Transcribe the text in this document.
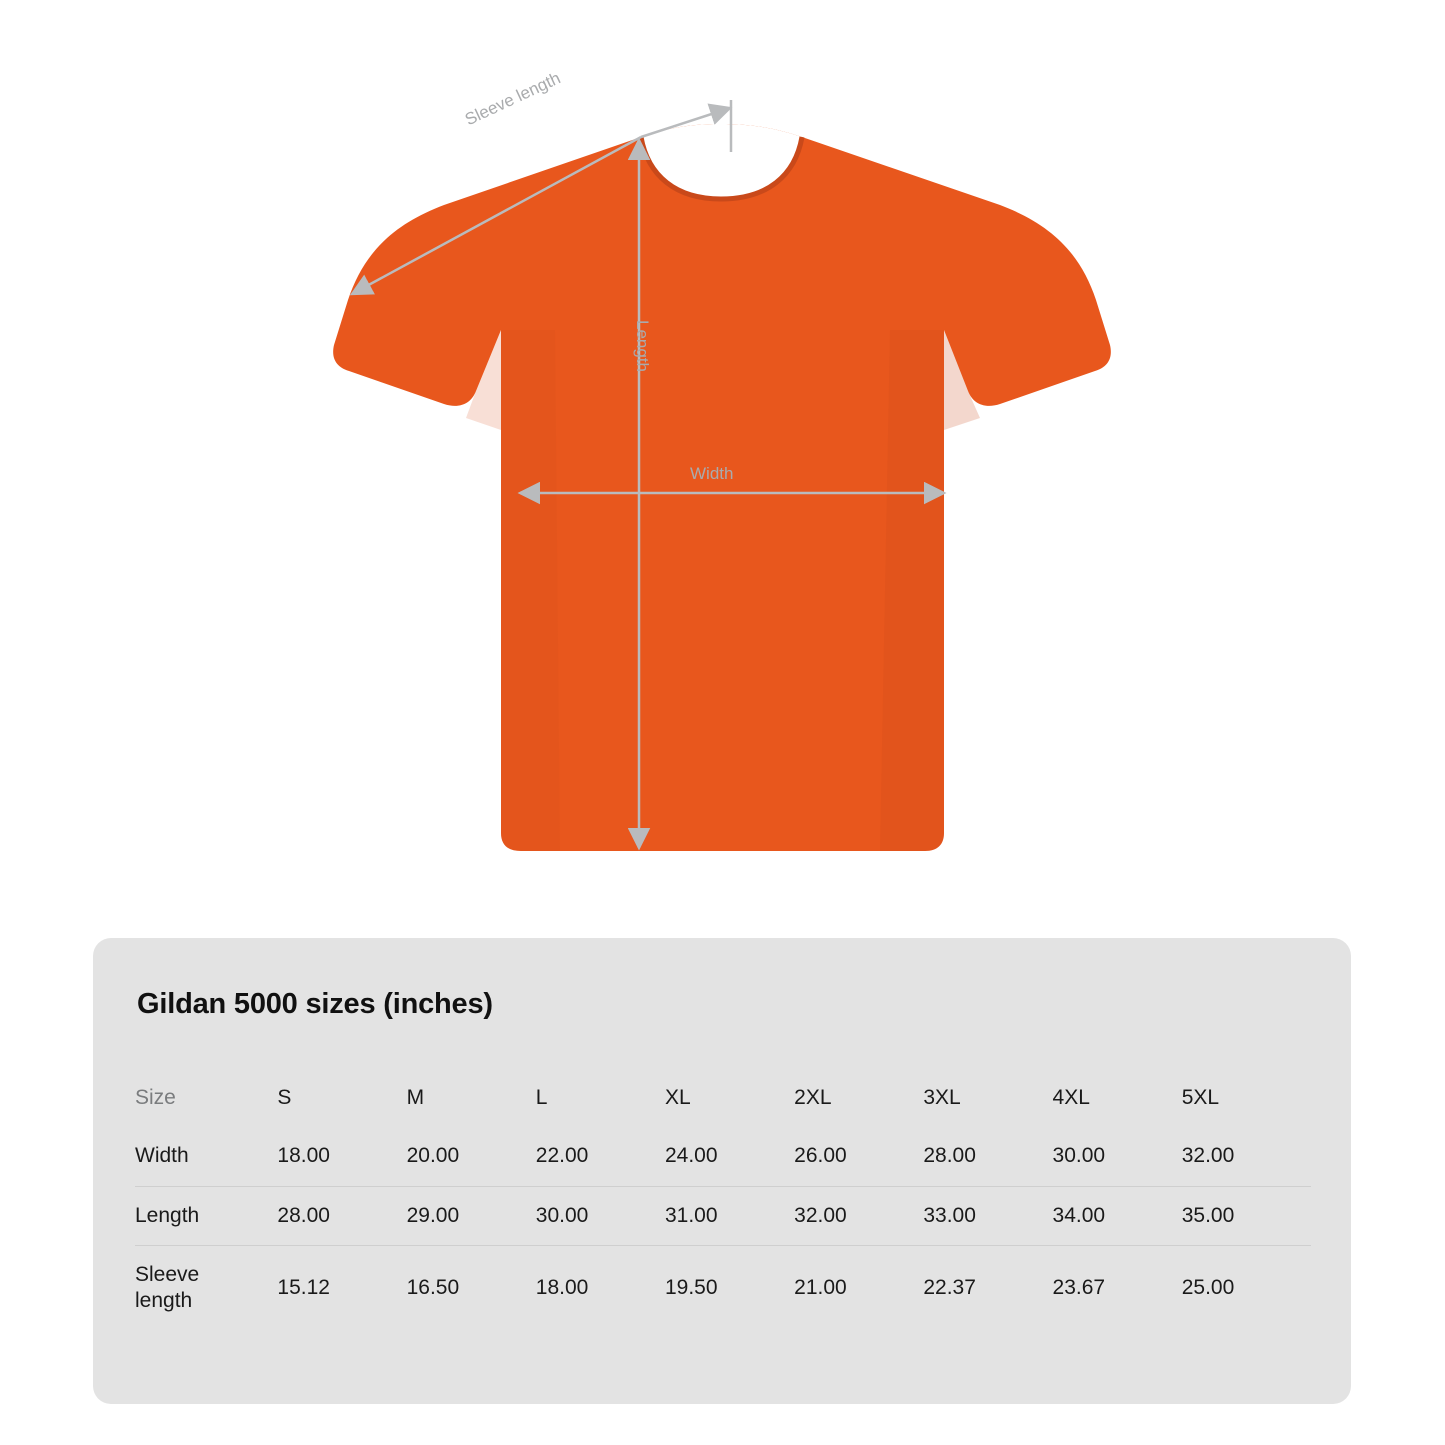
Sleeve length
Length
Width
Gildan 5000 sizes (inches)
Size	S	M	L	XL	2XL	3XL	4XL	5XL
Width	18.00	20.00	22.00	24.00	26.00	28.00	30.00	32.00
Length	28.00	29.00	30.00	31.00	32.00	33.00	34.00	35.00
Sleeve length	15.12	16.50	18.00	19.50	21.00	22.37	23.67	25.00
